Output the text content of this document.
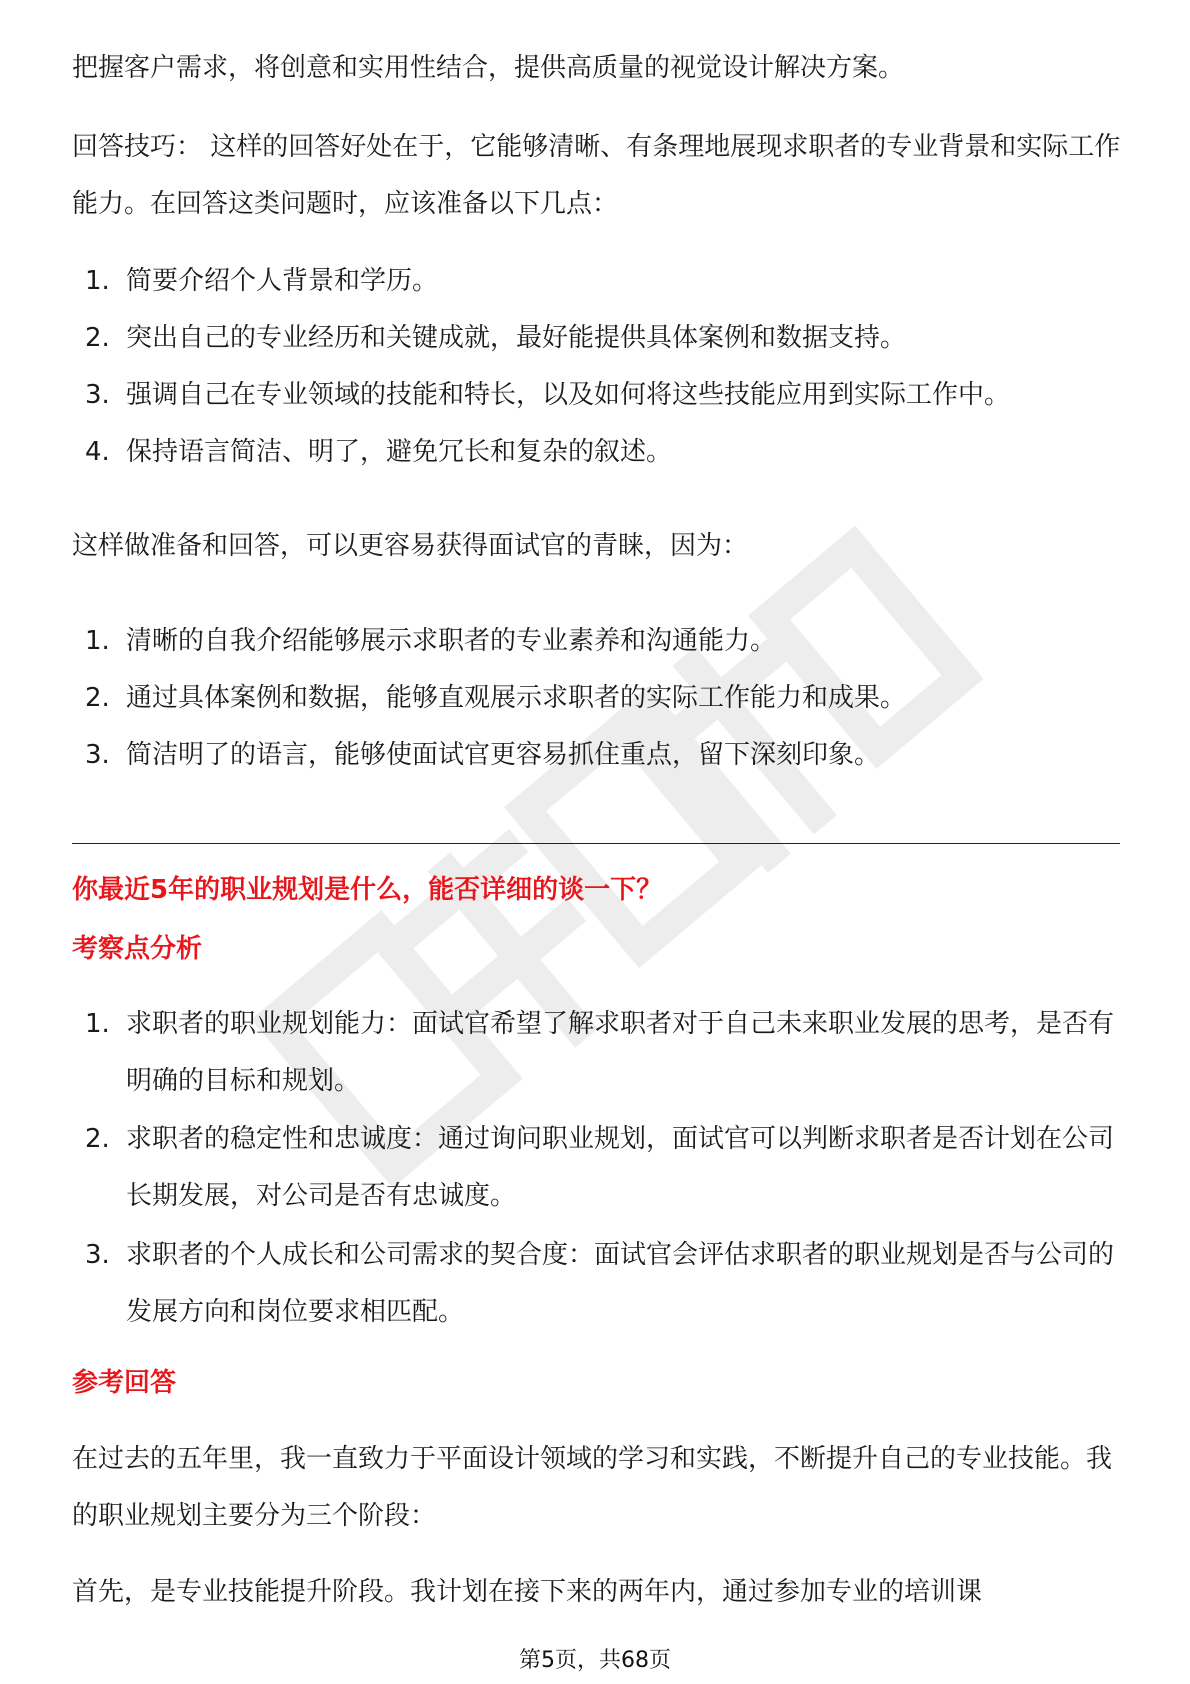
把握客户需求，将创意和实用性结合，提供高质量的视觉设计解决方案。

回答技巧： 这样的回答好处在于，它能够清晰、有条理地展现求职者的专业背景和实际工作能力。在回答这类问题时，应该准备以下几点：

1. 简要介绍个人背景和学历。
2. 突出自己的专业经历和关键成就，最好能提供具体案例和数据支持。
3. 强调自己在专业领域的技能和特长，以及如何将这些技能应用到实际工作中。
4. 保持语言简洁、明了，避免冗长和复杂的叙述。

这样做准备和回答，可以更容易获得面试官的青睐，因为：

1. 清晰的自我介绍能够展示求职者的专业素养和沟通能力。
2. 通过具体案例和数据，能够直观展示求职者的实际工作能力和成果。
3. 简洁明了的语言，能够使面试官更容易抓住重点，留下深刻印象。
你最近5年的职业规划是什么，能否详细的谈一下？
考察点分析
1. 求职者的职业规划能力：面试官希望了解求职者对于自己未来职业发展的思考，是否有明确的目标和规划。
2. 求职者的稳定性和忠诚度：通过询问职业规划，面试官可以判断求职者是否计划在公司长期发展，对公司是否有忠诚度。
3. 求职者的个人成长和公司需求的契合度：面试官会评估求职者的职业规划是否与公司的发展方向和岗位要求相匹配。
参考回答

在过去的五年里，我一直致力于平面设计领域的学习和实践，不断提升自己的专业技能。我的职业规划主要分为三个阶段：

首先，是专业技能提升阶段。我计划在接下来的两年内，通过参加专业的培训课

第5页，共68页
